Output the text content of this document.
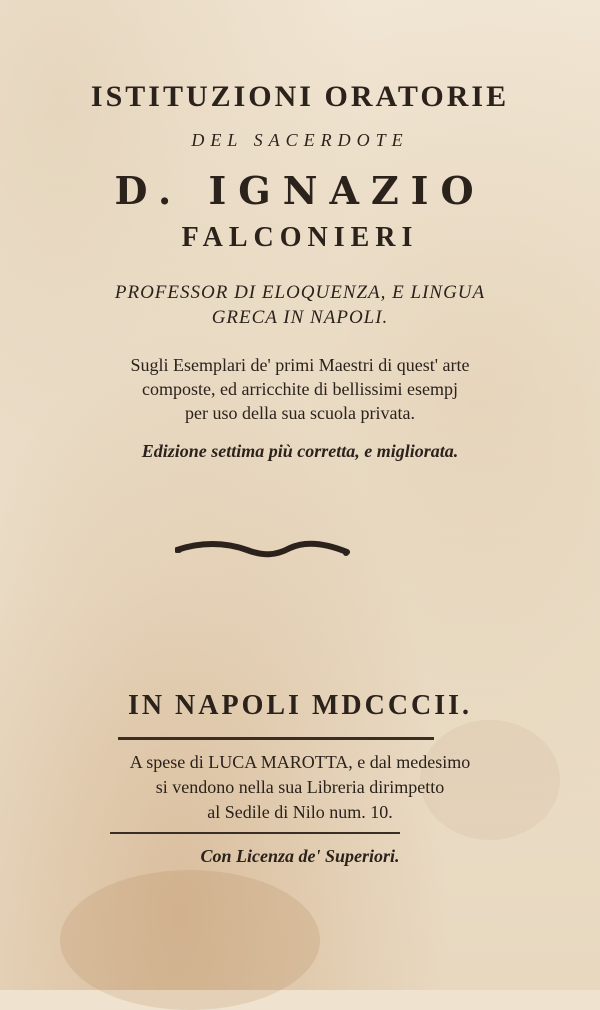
ISTITUZIONI ORATORIE
DEL SACERDOTE
D. IGNAZIO
FALCONIERI
PROFESSOR DI ELOQUENZA, E LINGUA
GRECA IN NAPOLI.
Sugli Esemplari de' primi Maestri di quest' arte
composte, ed arricchite di bellissimi esempj
per uso della sua scuola privata.
Edizione settima più corretta, e migliorata.
IN NAPOLI MDCCCII.
A spese di LUCA MAROTTA, e dal medesimo
si vendono nella sua Libreria dirimpetto
al Sedile di Nilo num. 10.
Con Licenza de' Superiori.
